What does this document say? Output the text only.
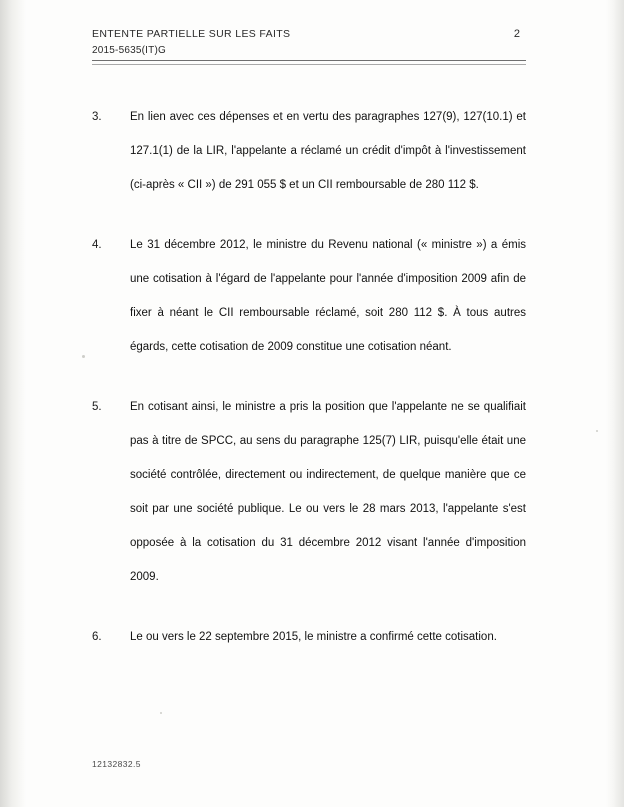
ENTENTE PARTIELLE SUR LES FAITS	2
2015-5635(IT)G
3.	En lien avec ces dépenses et en vertu des paragraphes 127(9), 127(10.1) et 127.1(1) de la LIR, l'appelante a réclamé un crédit d'impôt à l'investissement (ci-après « CII ») de 291 055 $ et un CII remboursable de 280 112 $.
4.	Le 31 décembre 2012, le ministre du Revenu national (« ministre ») a émis une cotisation à l'égard de l'appelante pour l'année d'imposition 2009 afin de fixer à néant le CII remboursable réclamé, soit 280 112 $. À tous autres égards, cette cotisation de 2009 constitue une cotisation néant.
5.	En cotisant ainsi, le ministre a pris la position que l'appelante ne se qualifiait pas à titre de SPCC, au sens du paragraphe 125(7) LIR, puisqu'elle était une société contrôlée, directement ou indirectement, de quelque manière que ce soit par une société publique. Le ou vers le 28 mars 2013, l'appelante s'est opposée à la cotisation du 31 décembre 2012 visant l'année d'imposition 2009.
6.	Le ou vers le 22 septembre 2015, le ministre a confirmé cette cotisation.
12132832.5
